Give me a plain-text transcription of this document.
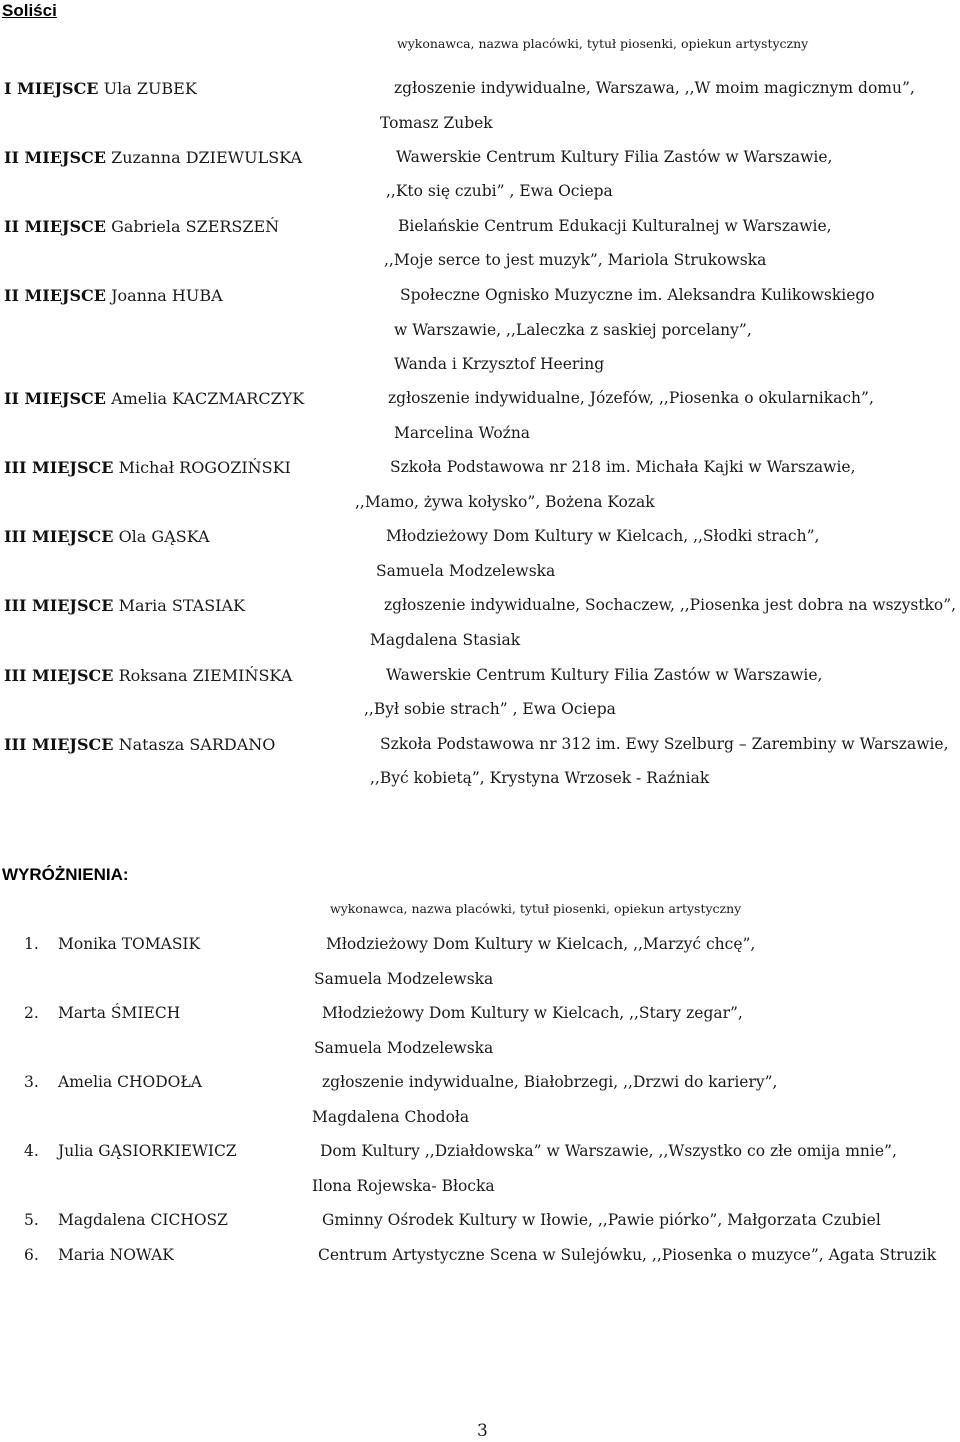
Soliści
wykonawca, nazwa placówki, tytuł piosenki, opiekun artystyczny
I MIEJSCE Ula ZUBEK	zgłoszenie indywidualne, Warszawa, ,,W moim magicznym domu”,
Tomasz Zubek
II MIEJSCE Zuzanna DZIEWULSKA	Wawerskie Centrum Kultury Filia Zastów w Warszawie,
,,Kto się czubi” , Ewa Ociepa
II MIEJSCE Gabriela SZERSZEŃ	Bielańskie Centrum Edukacji Kulturalnej w Warszawie,
,,Moje serce to jest muzyk”, Mariola Strukowska
II MIEJSCE Joanna HUBA	Społeczne Ognisko Muzyczne im. Aleksandra Kulikowskiego
w Warszawie, ,,Laleczka z saskiej porcelany”,
Wanda i Krzysztof Heering
II MIEJSCE Amelia KACZMARCZYK	zgłoszenie indywidualne, Józefów, ,,Piosenka o okularnikach”,
Marcelina Woźna
III MIEJSCE Michał ROGOZIŃSKI	Szkoła Podstawowa nr 218 im. Michała Kajki w Warszawie,
,,Mamo, żywa kołysko”, Bożena Kozak
III MIEJSCE Ola GĄSKA	Młodzieżowy Dom Kultury w Kielcach, ,,Słodki strach”,
Samuela Modzelewska
III MIEJSCE Maria STASIAK	zgłoszenie indywidualne, Sochaczew, ,,Piosenka jest dobra na wszystko”,
Magdalena Stasiak
III MIEJSCE Roksana ZIEMIŃSKA	Wawerskie Centrum Kultury Filia Zastów w Warszawie,
,,Był sobie strach” , Ewa Ociepa
III MIEJSCE Natasza SARDANO	Szkoła Podstawowa nr 312 im. Ewy Szelburg – Zarembiny w Warszawie,
,,Być kobietą”, Krystyna Wrzosek - Raźniak
WYRÓŻNIENIA:
wykonawca, nazwa placówki, tytuł piosenki, opiekun artystyczny
1. Monika TOMASIK	Młodzieżowy Dom Kultury w Kielcach, ,,Marzyć chcę”,
Samuela Modzelewska
2. Marta ŚMIECH	Młodzieżowy Dom Kultury w Kielcach, ,,Stary zegar”,
Samuela Modzelewska
3. Amelia CHODOŁA	zgłoszenie indywidualne, Białobrzegi, ,,Drzwi do kariery”,
Magdalena Chodoła
4. Julia GĄSIORKIEWICZ	Dom Kultury ,,Działdowska” w Warszawie, ,,Wszystko co złe omija mnie”,
Ilona Rojewska- Błocka
5. Magdalena CICHOSZ	Gminny Ośrodek Kultury w Iłowie, ,,Pawie piórko”, Małgorzata Czubiel
6. Maria NOWAK	Centrum Artystyczne Scena w Sulejówku, ,,Piosenka o muzyce”, Agata Struzik
3
